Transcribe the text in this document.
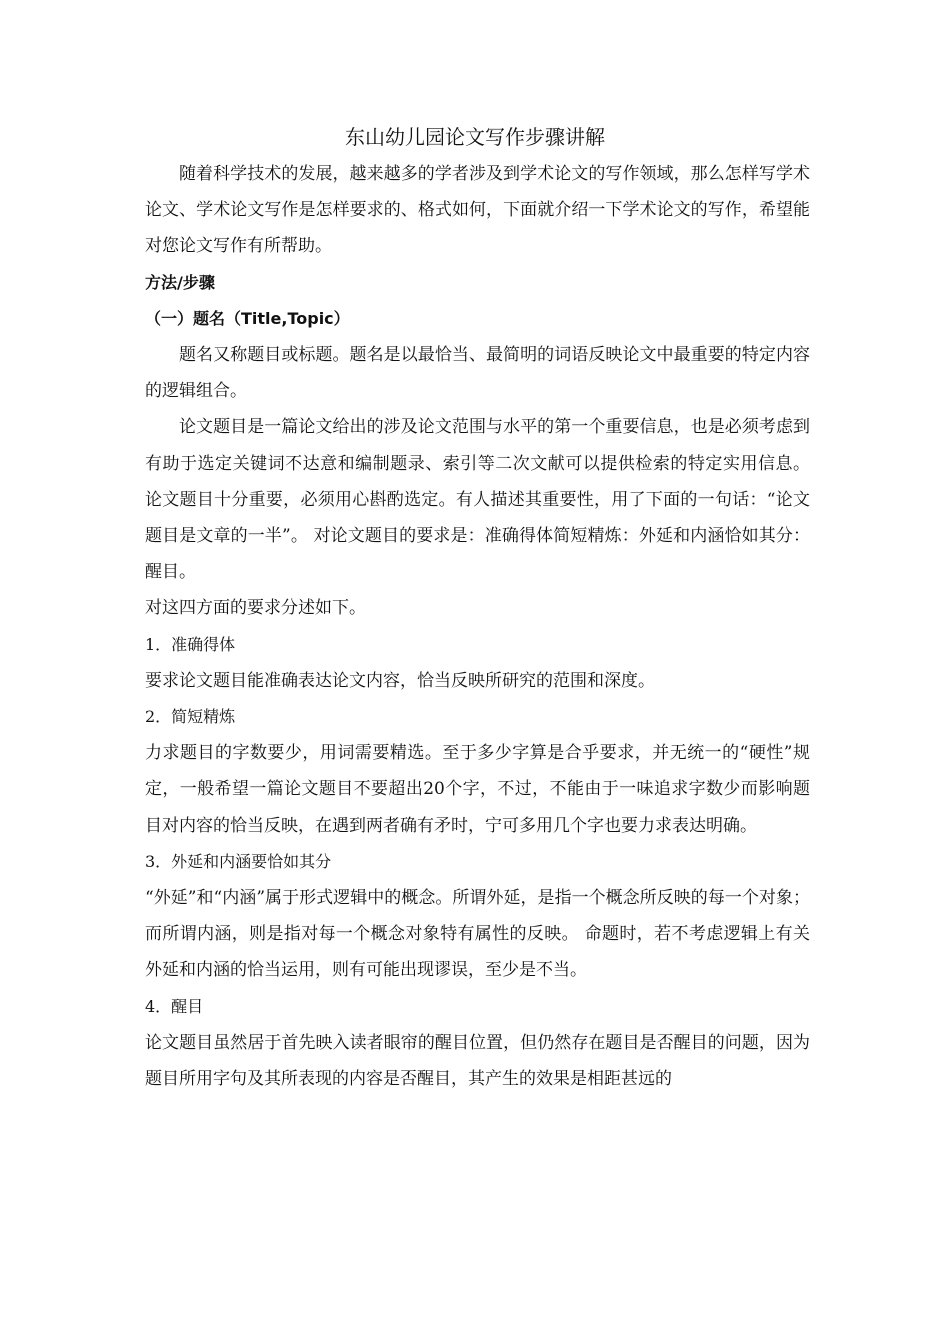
东山幼儿园论文写作步骤讲解

随着科学技术的发展，越来越多的学者涉及到学术论文的写作领域，那么怎样写学术论文、学术论文写作是怎样要求的、格式如何，下面就介绍一下学术论文的写作，希望能对您论文写作有所帮助。

方法/步骤

（一）题名（Title,Topic）

题名又称题目或标题。题名是以最恰当、最简明的词语反映论文中最重要的特定内容的逻辑组合。

论文题目是一篇论文给出的涉及论文范围与水平的第一个重要信息，也是必须考虑到有助于选定关键词不达意和编制题录、索引等二次文献可以提供检索的特定实用信息。 论文题目十分重要，必须用心斟酌选定。有人描述其重要性，用了下面的一句话：“论文题目是文章的一半”。 对论文题目的要求是：准确得体简短精炼：外延和内涵恰如其分：醒目。

对这四方面的要求分述如下。

1．准确得体

要求论文题目能准确表达论文内容，恰当反映所研究的范围和深度。

2．简短精炼

力求题目的字数要少，用词需要精选。至于多少字算是合乎要求，并无统一的“硬性”规定，一般希望一篇论文题目不要超出20个字，不过，不能由于一味追求字数少而影响题目对内容的恰当反映，在遇到两者确有矛时，宁可多用几个字也要力求表达明确。

3．外延和内涵要恰如其分

“外延”和“内涵”属于形式逻辑中的概念。所谓外延，是指一个概念所反映的每一个对象；而所谓内涵，则是指对每一个概念对象特有属性的反映。 命题时，若不考虑逻辑上有关外延和内涵的恰当运用，则有可能出现谬误，至少是不当。

4．醒目

论文题目虽然居于首先映入读者眼帘的醒目位置，但仍然存在题目是否醒目的问题，因为题目所用字句及其所表现的内容是否醒目，其产生的效果是相距甚远的
